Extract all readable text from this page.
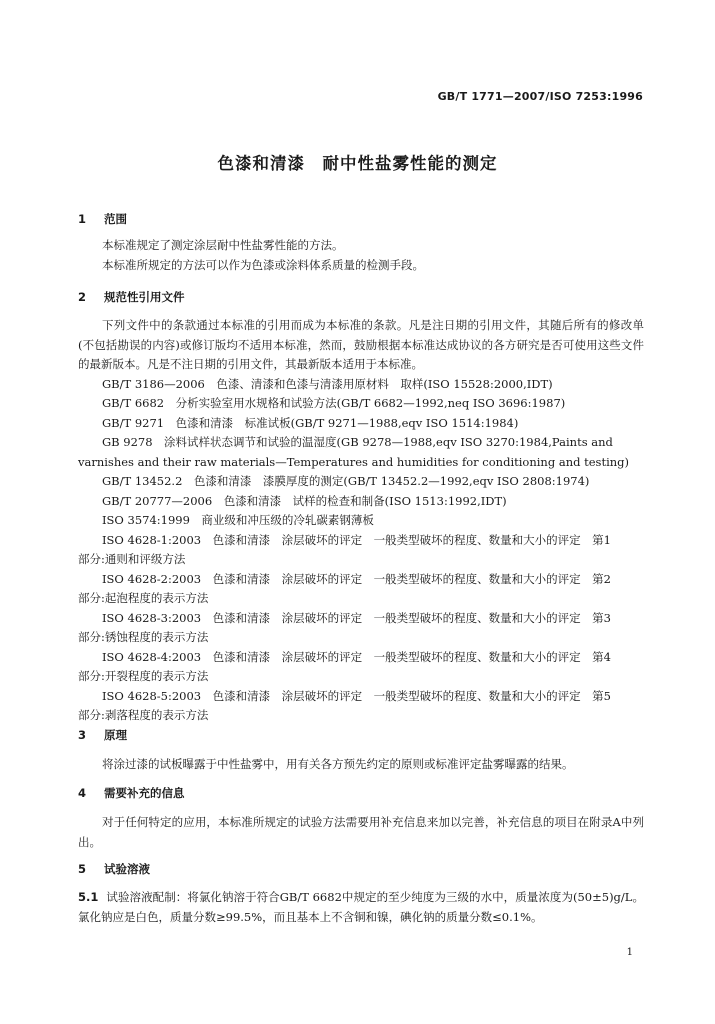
GB/T 1771—2007/ISO 7253:1996
色漆和清漆　耐中性盐雾性能的测定
1 范围

本标准规定了测定涂层耐中性盐雾性能的方法。

本标准所规定的方法可以作为色漆或涂料体系质量的检测手段。

2 规范性引用文件

下列文件中的条款通过本标准的引用而成为本标准的条款。凡是注日期的引用文件，其随后所有的修改单(不包括勘误的内容)或修订版均不适用本标准，然而，鼓励根据本标准达成协议的各方研究是否可使用这些文件的最新版本。凡是不注日期的引用文件，其最新版本适用于本标准。

GB/T 3186—2006　色漆、清漆和色漆与清漆用原材料　取样(ISO 15528:2000,IDT)

GB/T 6682　分析实验室用水规格和试验方法(GB/T 6682—1992,neq ISO 3696:1987)

GB/T 9271　色漆和清漆　标准试板(GB/T 9271—1988,eqv ISO 1514:1984)

GB 9278　涂料试样状态调节和试验的温湿度(GB 9278—1988,eqv ISO 3270:1984,Paints and

varnishes and their raw materials—Temperatures and humidities for conditioning and testing)

GB/T 13452.2　色漆和清漆　漆膜厚度的测定(GB/T 13452.2—1992,eqv ISO 2808:1974)

GB/T 20777—2006　色漆和清漆　试样的检查和制备(ISO 1513:1992,IDT)

ISO 3574:1999　商业级和冲压级的冷轧碳素钢薄板

ISO 4628-1:2003　色漆和清漆　涂层破坏的评定　一般类型破坏的程度、数量和大小的评定　第1

部分:通则和评级方法

ISO 4628-2:2003　色漆和清漆　涂层破坏的评定　一般类型破坏的程度、数量和大小的评定　第2

部分:起泡程度的表示方法

ISO 4628-3:2003　色漆和清漆　涂层破坏的评定　一般类型破坏的程度、数量和大小的评定　第3

部分:锈蚀程度的表示方法

ISO 4628-4:2003　色漆和清漆　涂层破坏的评定　一般类型破坏的程度、数量和大小的评定　第4

部分:开裂程度的表示方法

ISO 4628-5:2003　色漆和清漆　涂层破坏的评定　一般类型破坏的程度、数量和大小的评定　第5

部分:剥落程度的表示方法

3 原理

将涂过漆的试板曝露于中性盐雾中，用有关各方预先约定的原则或标准评定盐雾曝露的结果。

4 需要补充的信息

对于任何特定的应用，本标准所规定的试验方法需要用补充信息来加以完善，补充信息的项目在附录A中列出。

5 试验溶液

5.1 试验溶液配制：将氯化钠溶于符合GB/T 6682中规定的至少纯度为三级的水中，质量浓度为(50±5)g/L。氯化钠应是白色，质量分数≥99.5%，而且基本上不含铜和镍，碘化钠的质量分数≤0.1%。

1
